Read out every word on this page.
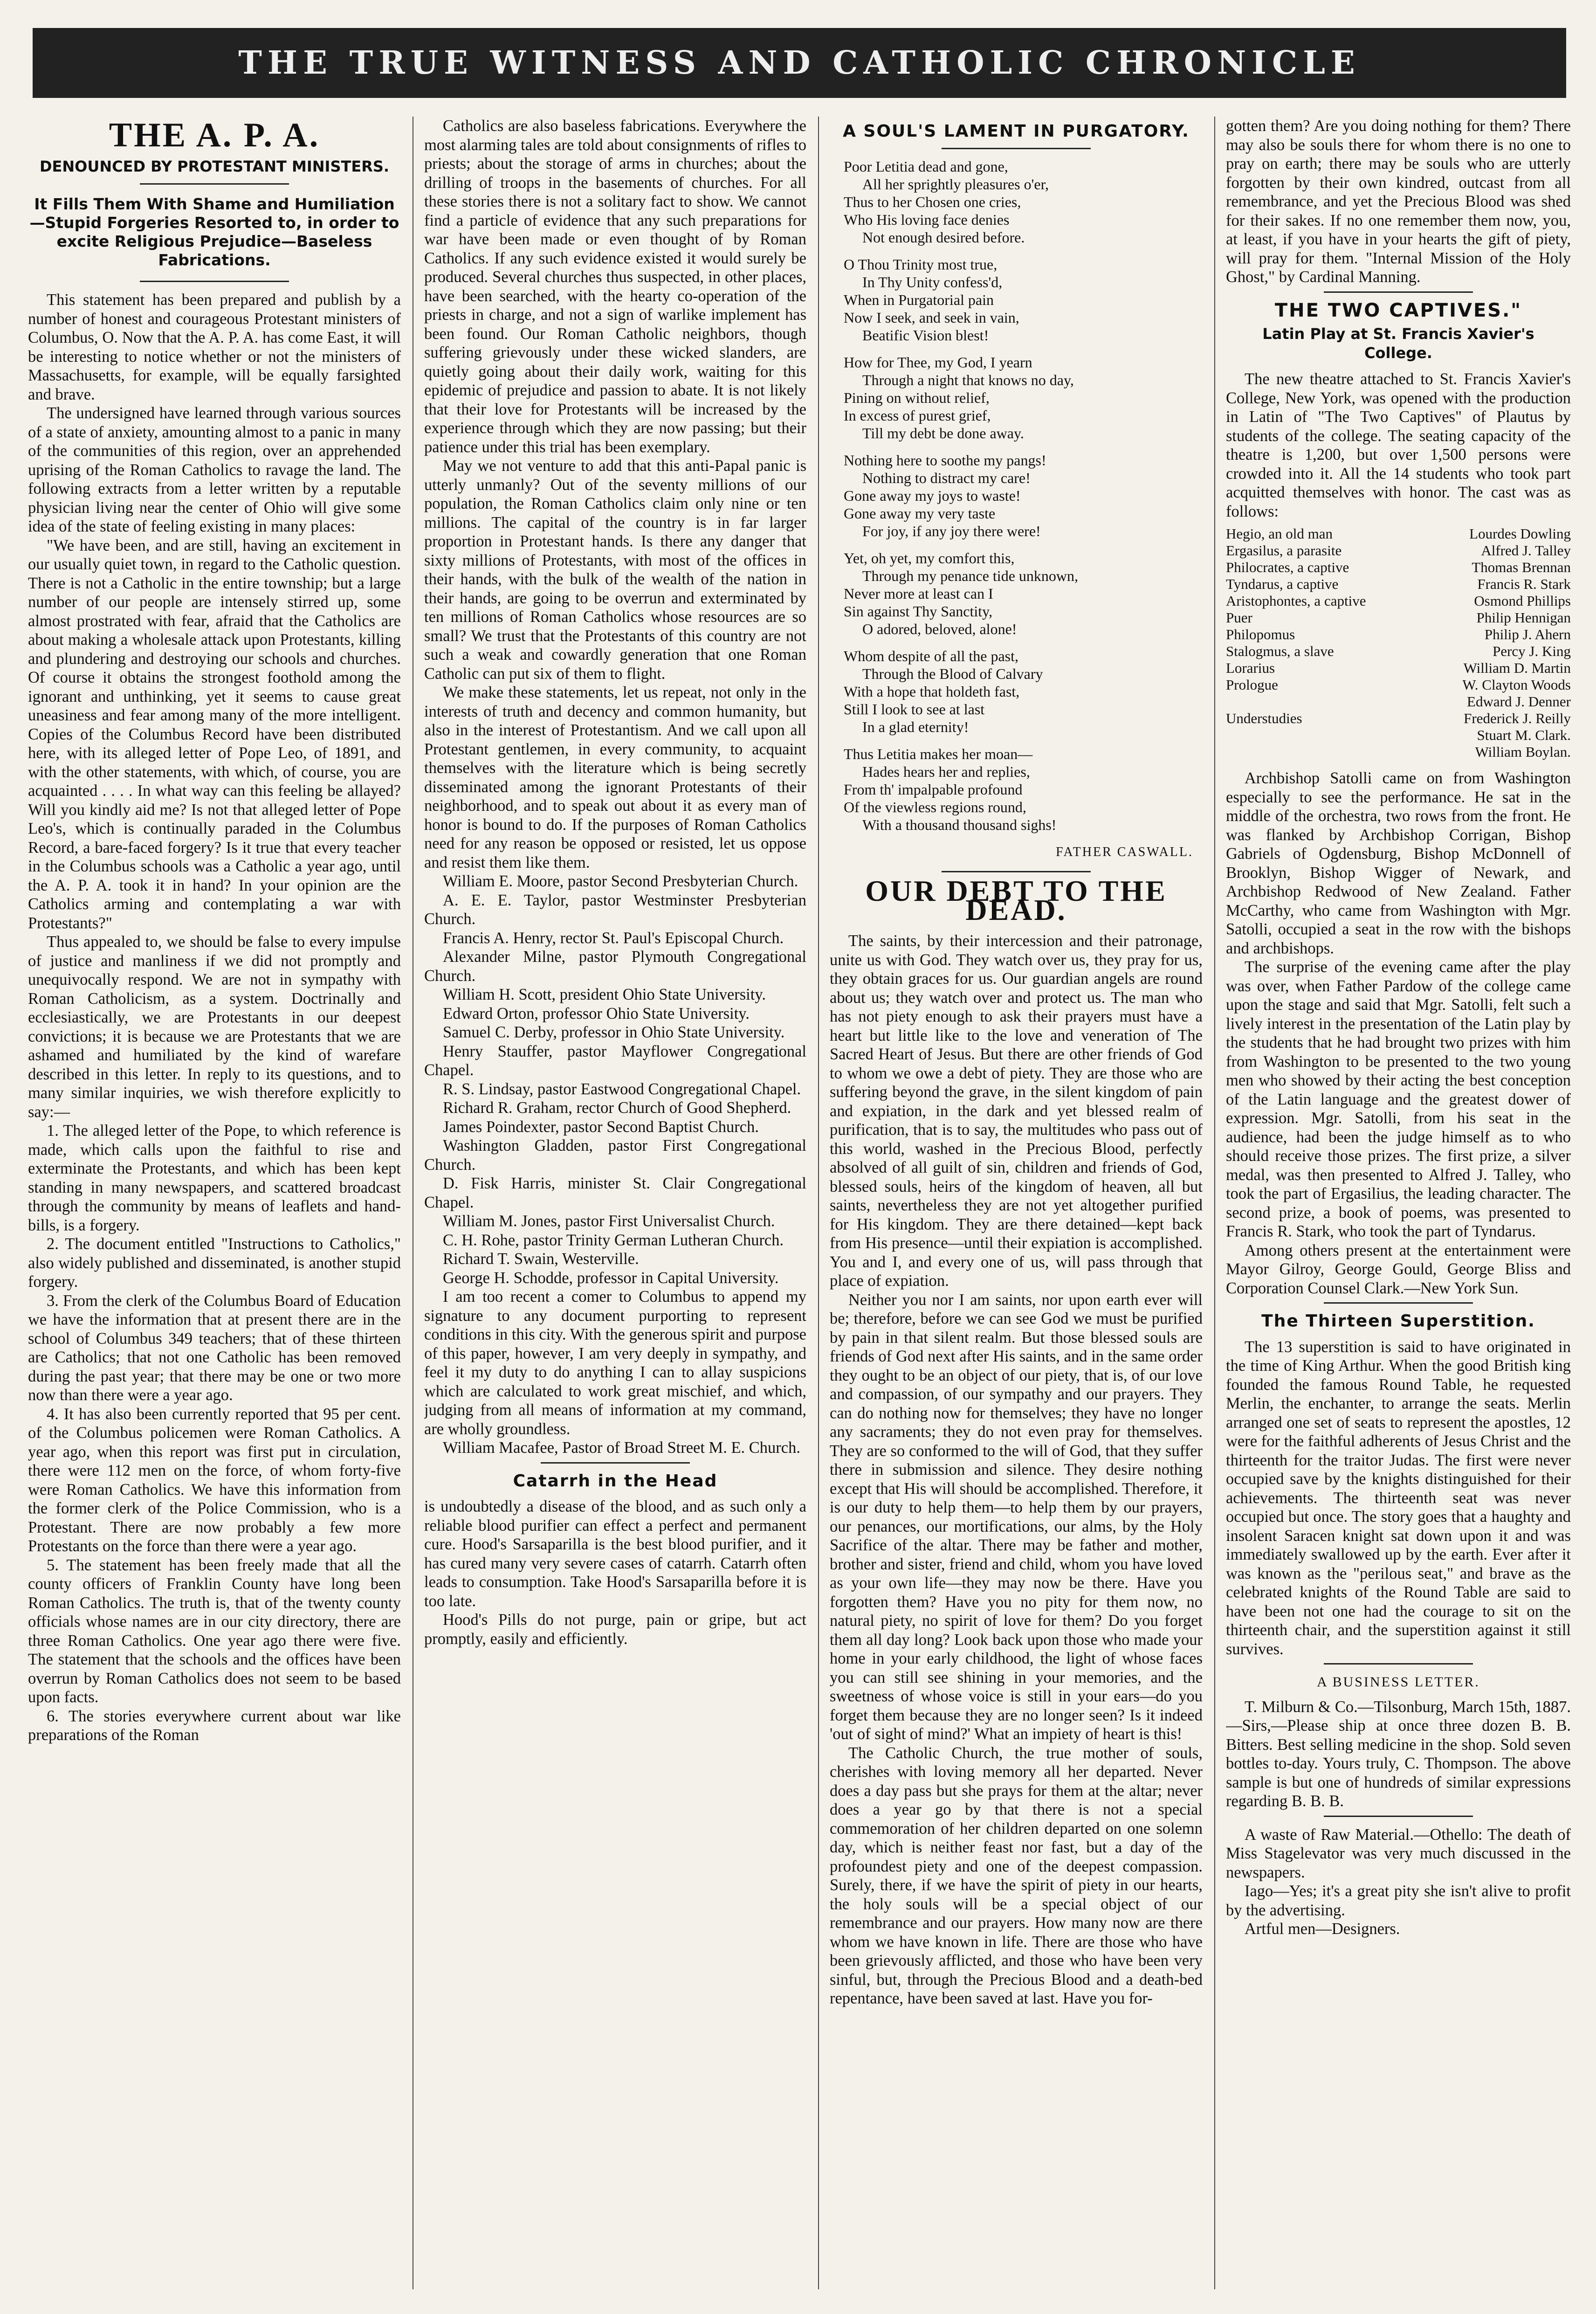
THE TRUE WITNESS AND CATHOLIC CHRONICLE
THE A. P. A.
DENOUNCED BY PROTESTANT MINISTERS.
It Fills Them With Shame and Humiliation—Stupid Forgeries Resorted to, in order to excite Religious Prejudice—Baseless Fabrications.

This statement has been prepared and publish by a number of honest and courageous Protestant ministers of Columbus, O. Now that the A. P. A. has come East, it will be interesting to notice whether or not the ministers of Massachusetts, for example, will be equally farsighted and brave.

The undersigned have learned through various sources of a state of anxiety, amounting almost to a panic in many of the communities of this region, over an apprehended uprising of the Roman Catholics to ravage the land. The following extracts from a letter written by a reputable physician living near the center of Ohio will give some idea of the state of feeling existing in many places:

"We have been, and are still, having an excitement in our usually quiet town, in regard to the Catholic question. There is not a Catholic in the entire township; but a large number of our people are intensely stirred up, some almost prostrated with fear, afraid that the Catholics are about making a wholesale attack upon Protestants, killing and plundering and destroying our schools and churches. Of course it obtains the strongest foothold among the ignorant and unthinking, yet it seems to cause great uneasiness and fear among many of the more intelligent. Copies of the Columbus Record have been distributed here, with its alleged letter of Pope Leo, of 1891, and with the other statements, with which, of course, you are acquainted . . . . In what way can this feeling be allayed? Will you kindly aid me? Is not that alleged letter of Pope Leo's, which is continually paraded in the Columbus Record, a bare-faced forgery? Is it true that every teacher in the Columbus schools was a Catholic a year ago, until the A. P. A. took it in hand? In your opinion are the Catholics arming and contemplating a war with Protestants?"

Thus appealed to, we should be false to every impulse of justice and manliness if we did not promptly and unequivocally respond. We are not in sympathy with Roman Catholicism, as a system. Doctrinally and ecclesiastically, we are Protestants in our deepest convictions; it is because we are Protestants that we are ashamed and humiliated by the kind of warefare described in this letter. In reply to its questions, and to many similar inquiries, we wish therefore explicitly to say:—

1. The alleged letter of the Pope, to which reference is made, which calls upon the faithful to rise and exterminate the Protestants, and which has been kept standing in many newspapers, and scattered broadcast through the community by means of leaflets and hand-bills, is a forgery.

2. The document entitled "Instructions to Catholics," also widely published and disseminated, is another stupid forgery.

3. From the clerk of the Columbus Board of Education we have the information that at present there are in the school of Columbus 349 teachers; that of these thirteen are Catholics; that not one Catholic has been removed during the past year; that there may be one or two more now than there were a year ago.

4. It has also been currently reported that 95 per cent. of the Columbus policemen were Roman Catholics. A year ago, when this report was first put in circulation, there were 112 men on the force, of whom forty-five were Roman Catholics. We have this information from the former clerk of the Police Commission, who is a Protestant. There are now probably a few more Protestants on the force than there were a year ago.

5. The statement has been freely made that all the county officers of Franklin County have long been Roman Catholics. The truth is, that of the twenty county officials whose names are in our city directory, there are three Roman Catholics. One year ago there were five. The statement that the schools and the offices have been overrun by Roman Catholics does not seem to be based upon facts.

6. The stories everywhere current about war like preparations of the Roman

Catholics are also baseless fabrications. Everywhere the most alarming tales are told about consignments of rifles to priests; about the storage of arms in churches; about the drilling of troops in the basements of churches. For all these stories there is not a solitary fact to show. We cannot find a particle of evidence that any such preparations for war have been made or even thought of by Roman Catholics. If any such evidence existed it would surely be produced. Several churches thus suspected, in other places, have been searched, with the hearty co-operation of the priests in charge, and not a sign of warlike implement has been found. Our Roman Catholic neighbors, though suffering grievously under these wicked slanders, are quietly going about their daily work, waiting for this epidemic of prejudice and passion to abate. It is not likely that their love for Protestants will be increased by the experience through which they are now passing; but their patience under this trial has been exemplary.

May we not venture to add that this anti-Papal panic is utterly unmanly? Out of the seventy millions of our population, the Roman Catholics claim only nine or ten millions. The capital of the country is in far larger proportion in Protestant hands. Is there any danger that sixty millions of Protestants, with most of the offices in their hands, with the bulk of the wealth of the nation in their hands, are going to be overrun and exterminated by ten millions of Roman Catholics whose resources are so small? We trust that the Protestants of this country are not such a weak and cowardly generation that one Roman Catholic can put six of them to flight.

We make these statements, let us repeat, not only in the interests of truth and decency and common humanity, but also in the interest of Protestantism. And we call upon all Protestant gentlemen, in every community, to acquaint themselves with the literature which is being secretly disseminated among the ignorant Protestants of their neighborhood, and to speak out about it as every man of honor is bound to do. If the purposes of Roman Catholics need for any reason be opposed or resisted, let us oppose and resist them like them.

William E. Moore, pastor Second Presbyterian Church.

A. E. E. Taylor, pastor Westminster Presbyterian Church.

Francis A. Henry, rector St. Paul's Episcopal Church.

Alexander Milne, pastor Plymouth Congregational Church.

William H. Scott, president Ohio State University.

Edward Orton, professor Ohio State University.

Samuel C. Derby, professor in Ohio State University.

Henry Stauffer, pastor Mayflower Congregational Chapel.

R. S. Lindsay, pastor Eastwood Congregational Chapel.

Richard R. Graham, rector Church of Good Shepherd.

James Poindexter, pastor Second Baptist Church.

Washington Gladden, pastor First Congregational Church.

D. Fisk Harris, minister St. Clair Congregational Chapel.

William M. Jones, pastor First Universalist Church.

C. H. Rohe, pastor Trinity German Lutheran Church.

Richard T. Swain, Westerville.

George H. Schodde, professor in Capital University.

I am too recent a comer to Columbus to append my signature to any document purporting to represent conditions in this city. With the generous spirit and purpose of this paper, however, I am very deeply in sympathy, and feel it my duty to do anything I can to allay suspicions which are calculated to work great mischief, and which, judging from all means of information at my command, are wholly groundless.

William Macafee, Pastor of Broad Street M. E. Church.

Catarrh in the Head

is undoubtedly a disease of the blood, and as such only a reliable blood purifier can effect a perfect and permanent cure. Hood's Sarsaparilla is the best blood purifier, and it has cured many very severe cases of catarrh. Catarrh often leads to consumption. Take Hood's Sarsaparilla before it is too late.

Hood's Pills do not purge, pain or gripe, but act promptly, easily and efficiently.

A SOUL'S LAMENT IN PURGATORY.
Poor Letitia dead and gone,
All her sprightly pleasures o'er,
Thus to her Chosen one cries,
Who His loving face denies
Not enough desired before.
O Thou Trinity most true,
In Thy Unity confess'd,
When in Purgatorial pain
Now I seek, and seek in vain,
Beatific Vision blest!
How for Thee, my God, I yearn
Through a night that knows no day,
Pining on without relief,
In excess of purest grief,
Till my debt be done away.
Nothing here to soothe my pangs!
Nothing to distract my care!
Gone away my joys to waste!
Gone away my very taste
For joy, if any joy there were!
Yet, oh yet, my comfort this,
Through my penance tide unknown,
Never more at least can I
Sin against Thy Sanctity,
O adored, beloved, alone!
Whom despite of all the past,
Through the Blood of Calvary
With a hope that holdeth fast,
Still I look to see at last
In a glad eternity!
Thus Letitia makes her moan—
Hades hears her and replies,
From th' impalpable profound
Of the viewless regions round,
With a thousand thousand sighs!
FATHER CASWALL.
OUR DEBT TO THE DEAD.

The saints, by their intercession and their patronage, unite us with God. They watch over us, they pray for us, they obtain graces for us. Our guardian angels are round about us; they watch over and protect us. The man who has not piety enough to ask their prayers must have a heart but little like to the love and veneration of The Sacred Heart of Jesus. But there are other friends of God to whom we owe a debt of piety. They are those who are suffering beyond the grave, in the silent kingdom of pain and expiation, in the dark and yet blessed realm of purification, that is to say, the multitudes who pass out of this world, washed in the Precious Blood, perfectly absolved of all guilt of sin, children and friends of God, blessed souls, heirs of the kingdom of heaven, all but saints, nevertheless they are not yet altogether purified for His kingdom. They are there detained—kept back from His presence—until their expiation is accomplished. You and I, and every one of us, will pass through that place of expiation.

Neither you nor I am saints, nor upon earth ever will be; therefore, before we can see God we must be purified by pain in that silent realm. But those blessed souls are friends of God next after His saints, and in the same order they ought to be an object of our piety, that is, of our love and compassion, of our sympathy and our prayers. They can do nothing now for themselves; they have no longer any sacraments; they do not even pray for themselves. They are so conformed to the will of God, that they suffer there in submission and silence. They desire nothing except that His will should be accomplished. Therefore, it is our duty to help them—to help them by our prayers, our penances, our mortifications, our alms, by the Holy Sacrifice of the altar. There may be father and mother, brother and sister, friend and child, whom you have loved as your own life—they may now be there. Have you forgotten them? Have you no pity for them now, no natural piety, no spirit of love for them? Do you forget them all day long? Look back upon those who made your home in your early childhood, the light of whose faces you can still see shining in your memories, and the sweetness of whose voice is still in your ears—do you forget them because they are no longer seen? Is it indeed 'out of sight of mind?' What an impiety of heart is this!

The Catholic Church, the true mother of souls, cherishes with loving memory all her departed. Never does a day pass but she prays for them at the altar; never does a year go by that there is not a special commemoration of her children departed on one solemn day, which is neither feast nor fast, but a day of the profoundest piety and one of the deepest compassion. Surely, there, if we have the spirit of piety in our hearts, the holy souls will be a special object of our remembrance and our prayers. How many now are there whom we have known in life. There are those who have been grievously afflicted, and those who have been very sinful, but, through the Precious Blood and a death-bed repentance, have been saved at last. Have you for-

gotten them? Are you doing nothing for them? There may also be souls there for whom there is no one to pray on earth; there may be souls who are utterly forgotten by their own kindred, outcast from all remembrance, and yet the Precious Blood was shed for their sakes. If no one remember them now, you, at least, if you have in your hearts the gift of piety, will pray for them. "Internal Mission of the Holy Ghost," by Cardinal Manning.

THE TWO CAPTIVES."
Latin Play at St. Francis Xavier's College.

The new theatre attached to St. Francis Xavier's College, New York, was opened with the production in Latin of "The Two Captives" of Plautus by students of the college. The seating capacity of the theatre is 1,200, but over 1,500 persons were crowded into it. All the 14 students who took part acquitted themselves with honor. The cast was as follows:

Hegio, an old man	Lourdes Dowling
Ergasilus, a parasite	Alfred J. Talley
Philocrates, a captive	Thomas Brennan
Tyndarus, a captive	Francis R. Stark
Aristophontes, a captive	Osmond Phillips
Puer	Philip Hennigan
Philopomus	Philip J. Ahern
Stalogmus, a slave	Percy J. King
Lorarius	William D. Martin
Prologue	W. Clayton Woods
	Edward J. Denner
Understudies	Frederick J. Reilly
	Stuart M. Clark.
	William Boylan.

Archbishop Satolli came on from Washington especially to see the performance. He sat in the middle of the orchestra, two rows from the front. He was flanked by Archbishop Corrigan, Bishop Gabriels of Ogdensburg, Bishop McDonnell of Brooklyn, Bishop Wigger of Newark, and Archbishop Redwood of New Zealand. Father McCarthy, who came from Washington with Mgr. Satolli, occupied a seat in the row with the bishops and archbishops.

The surprise of the evening came after the play was over, when Father Pardow of the college came upon the stage and said that Mgr. Satolli, felt such a lively interest in the presentation of the Latin play by the students that he had brought two prizes with him from Washington to be presented to the two young men who showed by their acting the best conception of the Latin language and the greatest dower of expression. Mgr. Satolli, from his seat in the audience, had been the judge himself as to who should receive those prizes. The first prize, a silver medal, was then presented to Alfred J. Talley, who took the part of Ergasilius, the leading character. The second prize, a book of poems, was presented to Francis R. Stark, who took the part of Tyndarus.

Among others present at the entertainment were Mayor Gilroy, George Gould, George Bliss and Corporation Counsel Clark.—New York Sun.

The Thirteen Superstition.

The 13 superstition is said to have originated in the time of King Arthur. When the good British king founded the famous Round Table, he requested Merlin, the enchanter, to arrange the seats. Merlin arranged one set of seats to represent the apostles, 12 were for the faithful adherents of Jesus Christ and the thirteenth for the traitor Judas. The first were never occupied save by the knights distinguished for their achievements. The thirteenth seat was never occupied but once. The story goes that a haughty and insolent Saracen knight sat down upon it and was immediately swallowed up by the earth. Ever after it was known as the "perilous seat," and brave as the celebrated knights of the Round Table are said to have been not one had the courage to sit on the thirteenth chair, and the superstition against it still survives.

A BUSINESS LETTER.

T. Milburn & Co.—Tilsonburg, March 15th, 1887.—Sirs,—Please ship at once three dozen B. B. Bitters. Best selling medicine in the shop. Sold seven bottles to-day. Yours truly, C. Thompson. The above sample is but one of hundreds of similar expressions regarding B. B. B.

A waste of Raw Material.—Othello: The death of Miss Stagelevator was very much discussed in the newspapers.

Iago—Yes; it's a great pity she isn't alive to profit by the advertising.

Artful men—Designers.
